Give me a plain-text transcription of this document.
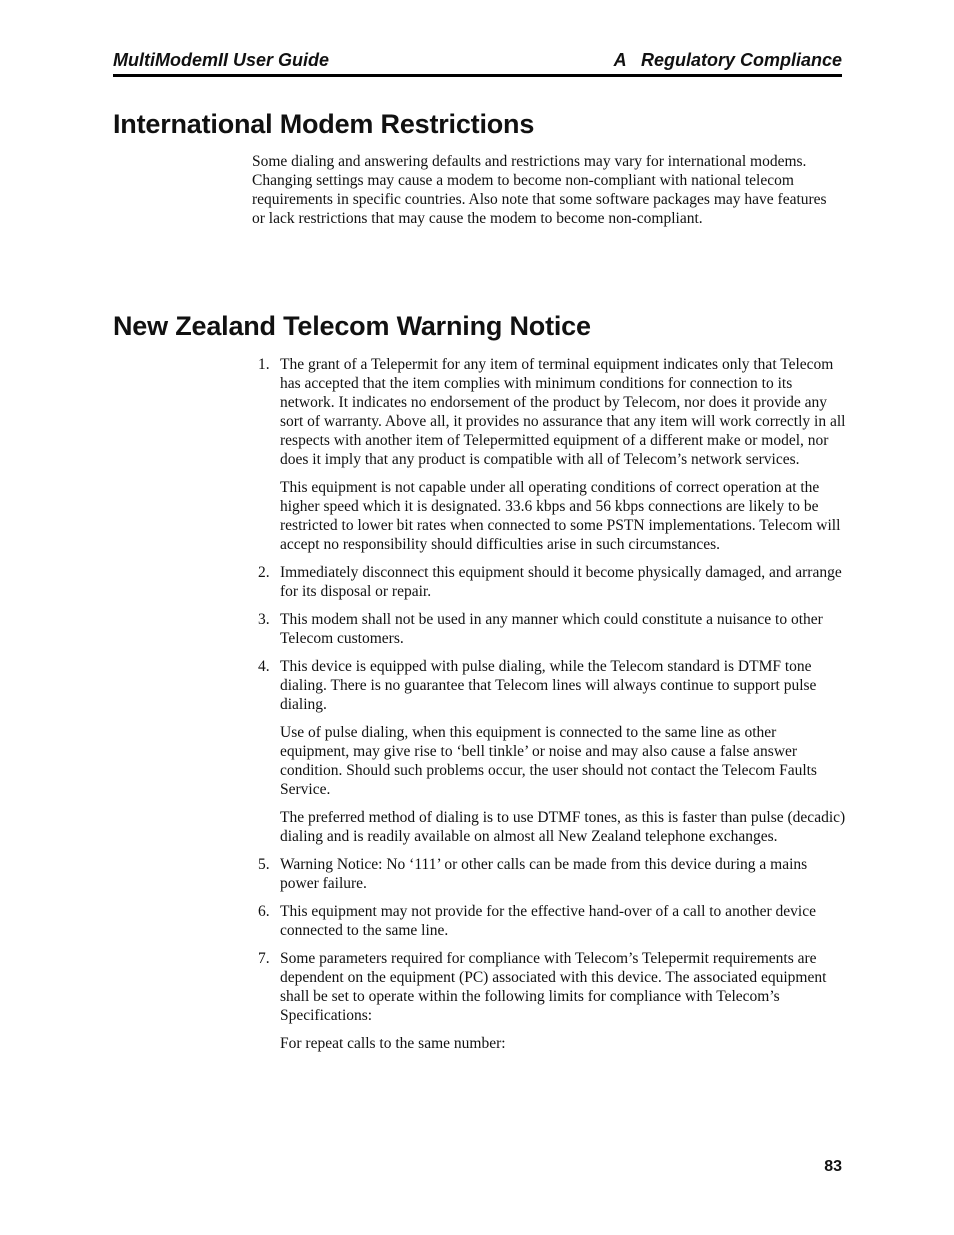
MultiModemII User Guide	A   Regulatory Compliance
International Modem Restrictions

Some dialing and answering defaults and restrictions may vary for international modems. Changing settings may cause a modem to become non-compliant with national telecom requirements in specific countries. Also note that some software packages may have features or lack restrictions that may cause the modem to become non-compliant.

New Zealand Telecom Warning Notice
1. The grant of a Telepermit for any item of terminal equipment indicates only that Telecom has accepted that the item complies with minimum conditions for connection to its network. It indicates no endorsement of the product by Telecom, nor does it provide any sort of warranty. Above all, it provides no assurance that any item will work correctly in all respects with another item of Telepermitted equipment of a different make or model, nor does it imply that any product is compatible with all of Telecom’s network services.

This equipment is not capable under all operating conditions of correct operation at the higher speed which it is designated. 33.6 kbps and 56 kbps connections are likely to be restricted to lower bit rates when connected to some PSTN implementations. Telecom will accept no responsibility should difficulties arise in such circumstances.

2. Immediately disconnect this equipment should it become physically damaged, and arrange for its disposal or repair.

3. This modem shall not be used in any manner which could constitute a nuisance to other Telecom customers.

4. This device is equipped with pulse dialing, while the Telecom standard is DTMF tone dialing. There is no guarantee that Telecom lines will always continue to support pulse dialing.

Use of pulse dialing, when this equipment is connected to the same line as other equipment, may give rise to ‘bell tinkle’ or noise and may also cause a false answer condition. Should such problems occur, the user should not contact the Telecom Faults Service.

The preferred method of dialing is to use DTMF tones, as this is faster than pulse (decadic) dialing and is readily available on almost all New Zealand telephone exchanges.

5. Warning Notice: No ‘111’ or other calls can be made from this device during a mains power failure.

6. This equipment may not provide for the effective hand-over of a call to another device connected to the same line.

7. Some parameters required for compliance with Telecom’s Telepermit requirements are dependent on the equipment (PC) associated with this device. The associated equipment shall be set to operate within the following limits for compliance with Telecom’s Specifications:

For repeat calls to the same number:

83
